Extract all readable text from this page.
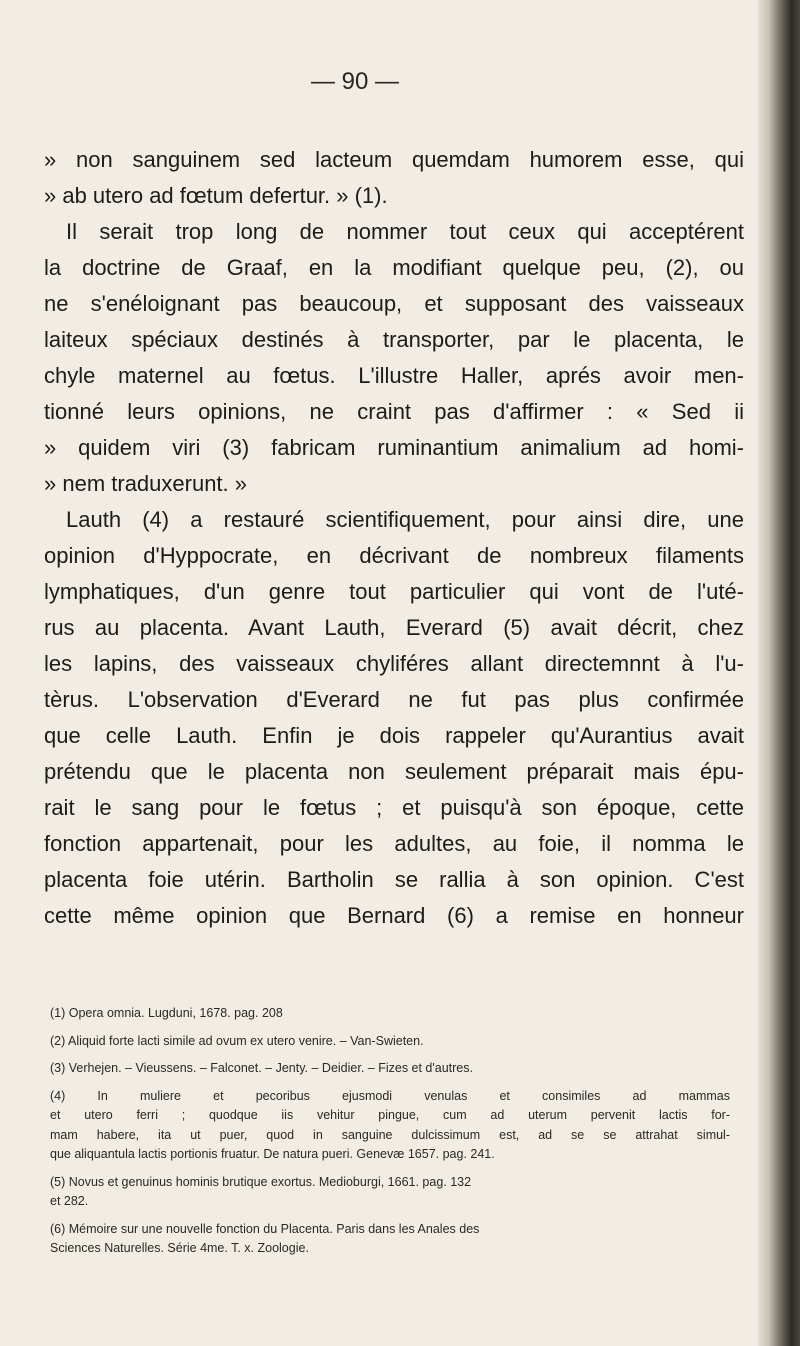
— 90 —
» non sanguinem sed lacteum quemdam humorem esse, qui
» ab utero ad fœtum defertur. » (1).
Il serait trop long de nommer tout ceux qui acceptérent
la doctrine de Graaf, en la modifiant quelque peu, (2), ou
ne s'enéloignant pas beaucoup, et supposant des vaisseaux
laiteux spéciaux destinés à transporter, par le placenta, le
chyle maternel au fœtus. L'illustre Haller, aprés avoir men-
tionné leurs opinions, ne craint pas d'affirmer : « Sed ii
» quidem viri (3) fabricam ruminantium animalium ad homi-
» nem traduxerunt. »
Lauth (4) a restauré scientifiquement, pour ainsi dire, une
opinion d'Hyppocrate, en décrivant de nombreux filaments
lymphatiques, d'un genre tout particulier qui vont de l'uté-
rus au placenta. Avant Lauth, Everard (5) avait décrit, chez
les lapins, des vaisseaux chyliféres allant directemnnt à l'u-
tèrus. L'observation d'Everard ne fut pas plus confirmée
que celle Lauth. Enfin je dois rappeler qu'Aurantius avait
prétendu que le placenta non seulement préparait mais épu-
rait le sang pour le fœtus ; et puisqu'à son époque, cette
fonction appartenait, pour les adultes, au foie, il nomma le
placenta foie utérin. Bartholin se rallia à son opinion. C'est
cette même opinion que Bernard (6) a remise en honneur
(1) Opera omnia. Lugduni, 1678. pag. 208
(2) Aliquid forte lacti simile ad ovum ex utero venire. – Van-Swieten.
(3) Verhejen. – Vieussens. – Falconet. – Jenty. – Deidier. – Fizes et d'autres.
(4) In muliere et pecoribus ejusmodi venulas et consimiles ad mammas
et utero ferri ; quodque iis vehitur pingue, cum ad uterum pervenit lactis for-
mam habere, ita ut puer, quod in sanguine dulcissimum est, ad se se attrahat simul-
que aliquantula lactis portionis fruatur. De natura pueri. Genevæ 1657. pag. 241.
(5) Novus et genuinus hominis brutique exortus. Medioburgi, 1661. pag. 132
et 282.
(6) Mémoire sur une nouvelle fonction du Placenta. Paris dans les Anales des
Sciences Naturelles. Série 4me. T. x. Zoologie.
